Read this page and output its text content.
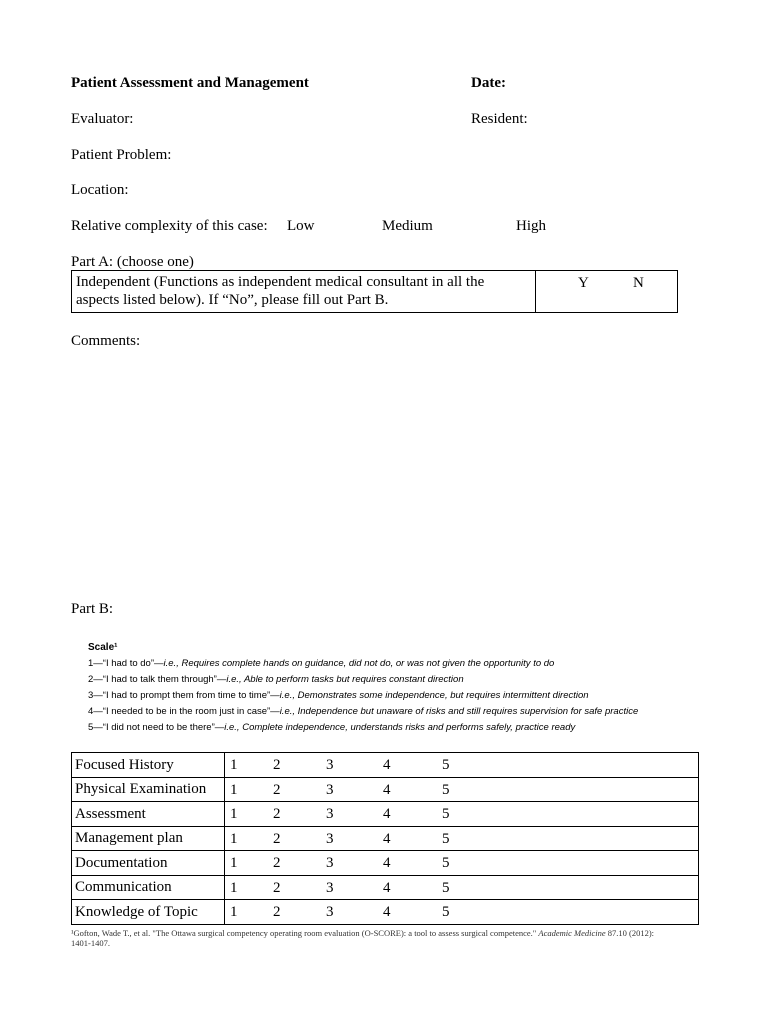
Patient Assessment and Management	Date:
Evaluator:	Resident:
Patient Problem:
Location:
Relative complexity of this case: Low	Medium	High
Part A: (choose one)
Independent (Functions as independent medical consultant in all the
aspects listed below). If “No”, please fill out Part B.

Y	N
Comments:
Part B:
Scale¹
1—“I had to do”—i.e., Requires complete hands on guidance, did not do, or was not given the opportunity to do
2—“I had to talk them through”—i.e., Able to perform tasks but requires constant direction
3—“I had to prompt them from time to time”—i.e., Demonstrates some independence, but requires intermittent direction
4—“I needed to be in the room just in case”—i.e., Independence but unaware of risks and still requires supervision for safe practice
5—“I did not need to be there”—i.e., Complete independence, understands risks and performs safely, practice ready
Focused History	1 2 3 4 5

Physical Examination	1 2 3 4 5

Assessment	1 2 3 4 5

Management plan	1 2 3 4 5

Documentation	1 2 3 4 5

Communication	1 2 3 4 5

Knowledge of Topic	1 2 3 4 5
¹Gofton, Wade T., et al. "The Ottawa surgical competency operating room evaluation (O-SCORE): a tool to assess surgical competence." Academic Medicine 87.10 (2012):
1401-1407.
